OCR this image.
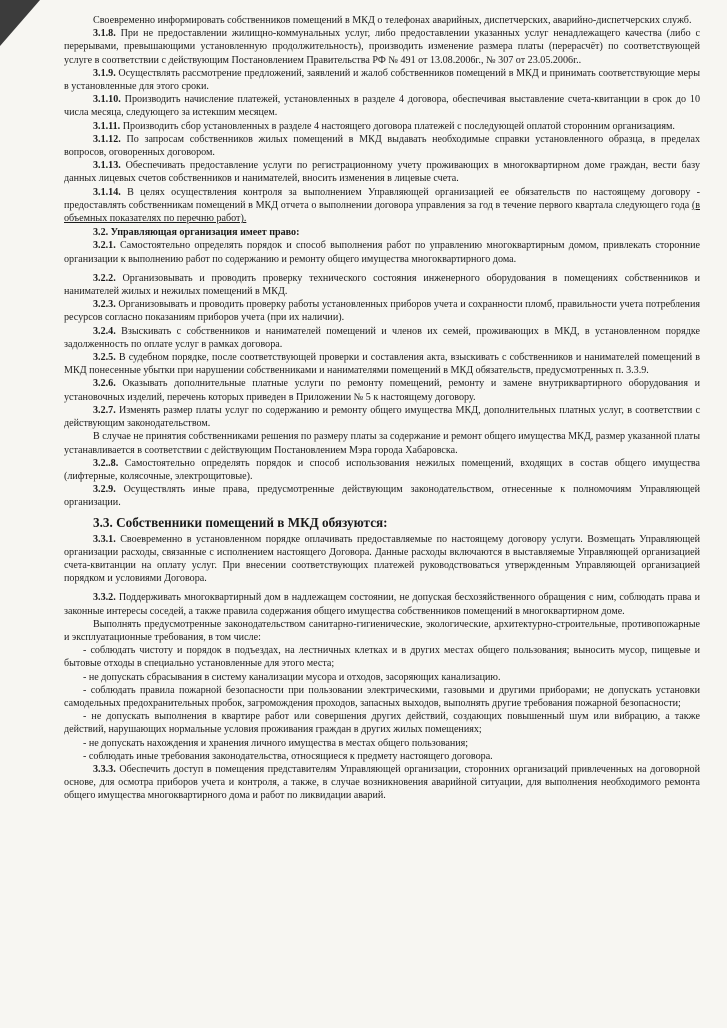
Своевременно информировать собственников помещений в МКД о телефонах аварийных, диспетчерских, аварийно-диспетчерских служб.

3.1.8. При не предоставлении жилищно-коммунальных услуг, либо предоставлении указанных услуг ненадлежащего качества (либо с перерывами, превышающими установленную продолжительность), производить изменение размера платы (перерасчёт) по соответствующей услуге в соответствии с действующим Постановлением Правительства РФ № 491 от 13.08.2006г., № 307 от 23.05.2006г..

3.1.9. Осуществлять рассмотрение предложений, заявлений и жалоб собственников помещений в МКД и принимать соответствующие меры в установленные для этого сроки.

3.1.10. Производить начисление платежей, установленных в разделе 4 договора, обеспечивая выставление счета-квитанции в срок до 10 числа месяца, следующего за истекшим месяцем.

3.1.11. Производить сбор установленных в разделе 4 настоящего договора платежей с последующей оплатой сторонним организациям.

3.1.12. По запросам собственников жилых помещений в МКД выдавать необходимые справки установленного образца, в пределах вопросов, оговоренных договором.

3.1.13. Обеспечивать предоставление услуги по регистрационному учету проживающих в многоквартирном доме граждан, вести базу данных лицевых счетов собственников и нанимателей, вносить изменения в лицевые счета.

3.1.14. В целях осуществления контроля за выполнением Управляющей организацией ее обязательств по настоящему договору - предоставлять собственникам помещений в МКД отчета о выполнении договора управления за год в течение первого квартала следующего года (в объемных показателях по перечню работ).

3.2. Управляющая организация имеет право:

3.2.1. Самостоятельно определять порядок и способ выполнения работ по управлению многоквартирным домом, привлекать сторонние организации к выполнению работ по содержанию и ремонту общего имущества многоквартирного дома.

3.2.2. Организовывать и проводить проверку технического состояния инженерного оборудования в помещениях собственников и нанимателей жилых и нежилых помещений в МКД.

3.2.3. Организовывать и проводить проверку работы установленных приборов учета и сохранности пломб, правильности учета потребления ресурсов согласно показаниям приборов учета (при их наличии).

3.2.4. Взыскивать с собственников и нанимателей помещений и членов их семей, проживающих в МКД, в установленном порядке задолженность по оплате услуг в рамках договора.

3.2.5. В судебном порядке, после соответствующей проверки и составления акта, взыскивать с собственников и нанимателей помещений в МКД понесенные убытки при нарушении собственниками и нанимателями помещений в МКД обязательств, предусмотренных п. 3.3.9.

3.2.6. Оказывать дополнительные платные услуги по ремонту помещений, ремонту и замене внутриквартирного оборудования и установочных изделий, перечень которых приведен в Приложении № 5 к настоящему договору.

3.2.7. Изменять размер платы услуг по содержанию и ремонту общего имущества МКД, дополнительных платных услуг, в соответствии с действующим законодательством.

В случае не принятия собственниками решения по размеру платы за содержание и ремонт общего имущества МКД, размер указанной платы устанавливается в соответствии с действующим Постановлением Мэра города Хабаровска.

3.2..8. Самостоятельно определять порядок и способ использования нежилых помещений, входящих в состав общего имущества (лифтерные, колясочные, электрощитовые).

3.2.9. Осуществлять иные права, предусмотренные действующим законодательством, отнесенные к полномочиям Управляющей организации.

3.3. Собственники помещений в МКД обязуются:

3.3.1. Своевременно в установленном порядке оплачивать предоставляемые по настоящему договору услуги. Возмещать Управляющей организации расходы, связанные с исполнением настоящего Договора. Данные расходы включаются в выставляемые Управляющей организацией счета-квитанции на оплату услуг. При внесении соответствующих платежей руководствоваться утвержденным Управляющей организацией порядком и условиями Договора.

3.3.2. Поддерживать многоквартирный дом в надлежащем состоянии, не допуская бесхозяйственного обращения с ним, соблюдать права и законные интересы соседей, а также правила содержания общего имущества собственников помещений в многоквартирном доме.

Выполнять предусмотренные законодательством санитарно-гигиенические, экологические, архитектурно-строительные, противопожарные и эксплуатационные требования, в том числе:

- соблюдать чистоту и порядок в подъездах, на лестничных клетках и в других местах общего пользования; выносить мусор, пищевые и бытовые отходы в специально установленные для этого места;

- не допускать сбрасывания в систему канализации мусора и отходов, засоряющих канализацию.

- соблюдать правила пожарной безопасности при пользовании электрическими, газовыми и другими приборами; не допускать установки самодельных предохранительных пробок, загромождения проходов, запасных выходов, выполнять другие требования пожарной безопасности;

- не допускать выполнения в квартире работ или совершения других действий, создающих повышенный шум или вибрацию, а также действий, нарушающих нормальные условия проживания граждан в других жилых помещениях;

- не допускать нахождения и хранения личного имущества в местах общего пользования;

- соблюдать иные требования законодательства, относящиеся к предмету настоящего договора.

3.3.3. Обеспечить доступ в помещения представителям Управляющей организации, сторонних организаций привлеченных на договорной основе, для осмотра приборов учета и контроля, а также, в случае возникновения аварийной ситуации, для выполнения необходимого ремонта общего имущества многоквартирного дома и работ по ликвидации аварий.
